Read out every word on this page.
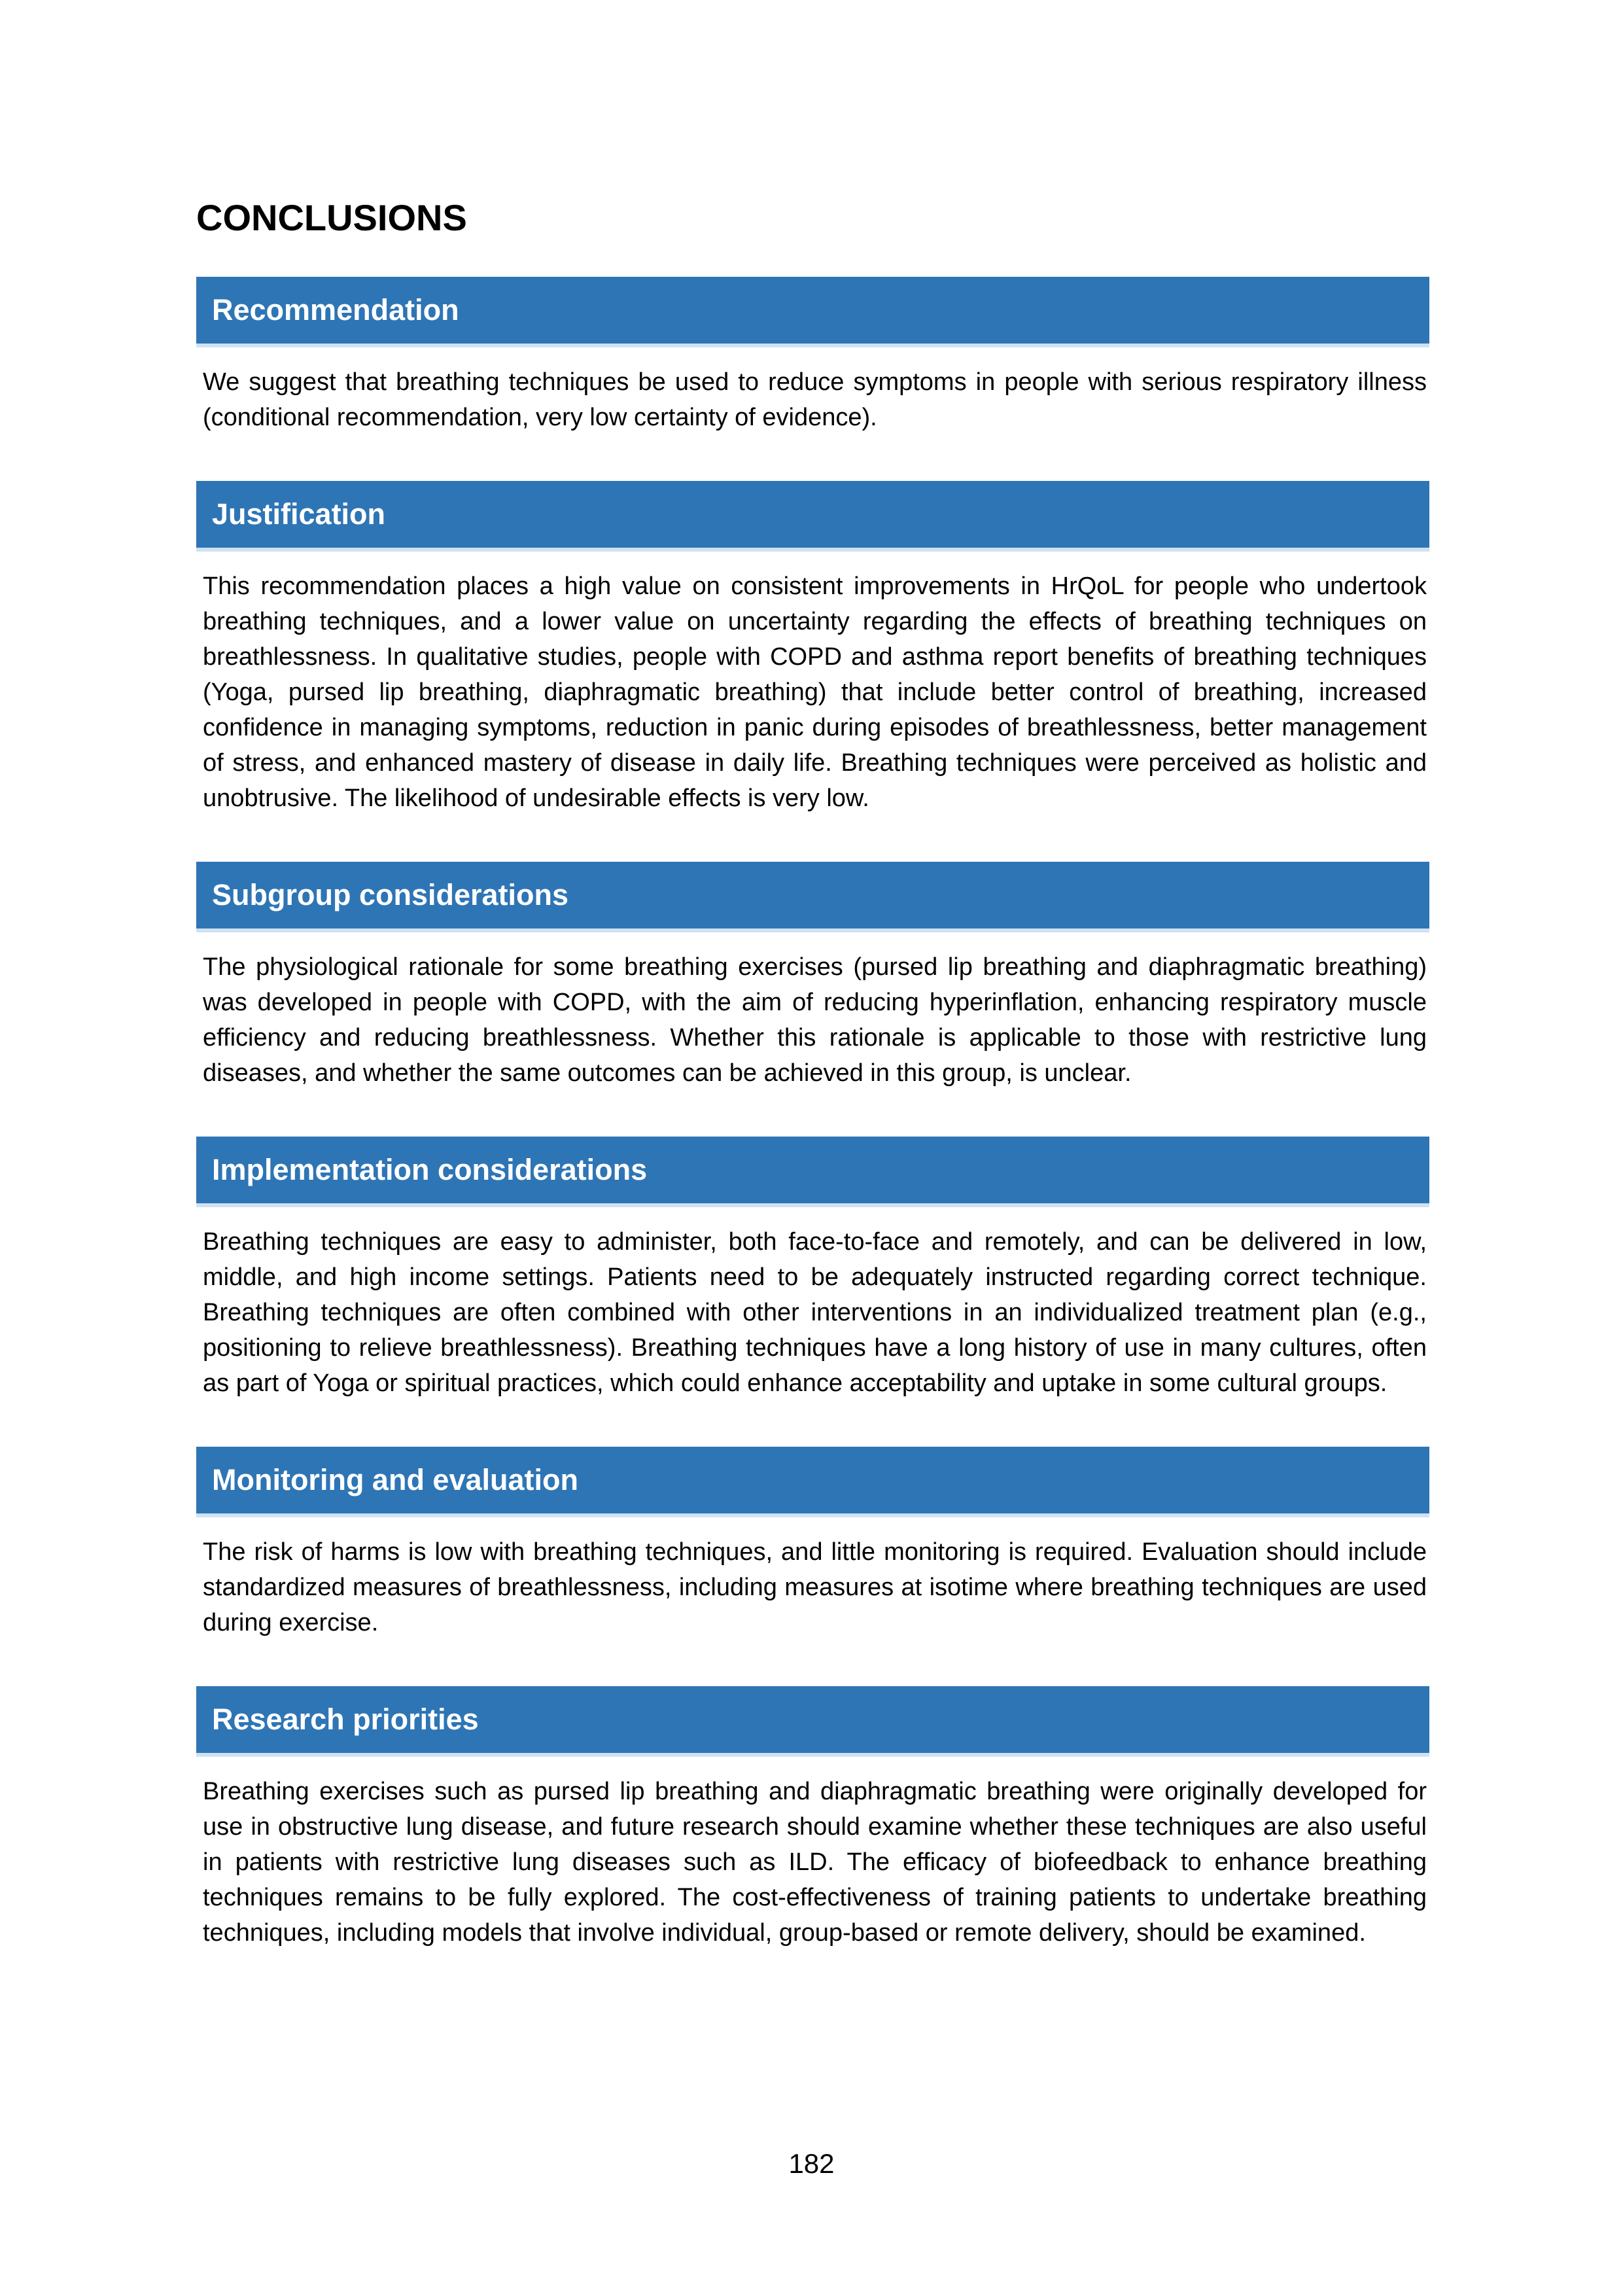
CONCLUSIONS
Recommendation

We suggest that breathing techniques be used to reduce symptoms in people with serious respiratory illness (conditional recommendation, very low certainty of evidence).

Justification

This recommendation places a high value on consistent improvements in HrQoL for people who undertook breathing techniques, and a lower value on uncertainty regarding the effects of breathing techniques on breathlessness. In qualitative studies, people with COPD and asthma report benefits of breathing techniques (Yoga, pursed lip breathing, diaphragmatic breathing) that include better control of breathing, increased confidence in managing symptoms, reduction in panic during episodes of breathlessness, better management of stress, and enhanced mastery of disease in daily life. Breathing techniques were perceived as holistic and unobtrusive. The likelihood of undesirable effects is very low.

Subgroup considerations

The physiological rationale for some breathing exercises (pursed lip breathing and diaphragmatic breathing) was developed in people with COPD, with the aim of reducing hyperinflation, enhancing respiratory muscle efficiency and reducing breathlessness. Whether this rationale is applicable to those with restrictive lung diseases, and whether the same outcomes can be achieved in this group, is unclear.

Implementation considerations

Breathing techniques are easy to administer, both face-to-face and remotely, and can be delivered in low, middle, and high income settings. Patients need to be adequately instructed regarding correct technique. Breathing techniques are often combined with other interventions in an individualized treatment plan (e.g., positioning to relieve breathlessness). Breathing techniques have a long history of use in many cultures, often as part of Yoga or spiritual practices, which could enhance acceptability and uptake in some cultural groups.

Monitoring and evaluation

The risk of harms is low with breathing techniques, and little monitoring is required. Evaluation should include standardized measures of breathlessness, including measures at isotime where breathing techniques are used during exercise.

Research priorities

Breathing exercises such as pursed lip breathing and diaphragmatic breathing were originally developed for use in obstructive lung disease, and future research should examine whether these techniques are also useful in patients with restrictive lung diseases such as ILD. The efficacy of biofeedback to enhance breathing techniques remains to be fully explored. The cost-effectiveness of training patients to undertake breathing techniques, including models that involve individual, group-based or remote delivery, should be examined.

182
